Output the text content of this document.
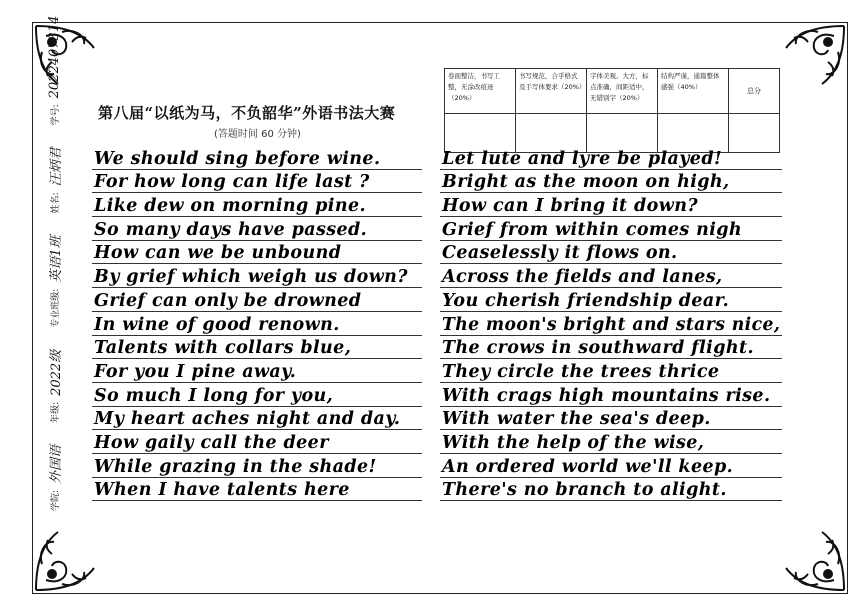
学院:
外国语
年级:
2022级
专业班级:
英语1班
姓名:
汪炳君
学号:
2022407314
第八届“以纸为马，不负韶华”外语书法大赛
(答题时间 60 分钟)
卷面整洁，书写工整，无涂改痕迹（20%）	书写规范，合乎格式及手写体要求（20%）	字体美观、大方，标点准确，间距适中，无错别字（20%）	结构严谨，通篇整体感强（40%）	总分

We should sing before wine.
For how long can life last ?
Like dew on morning pine.
So many days have passed.
How can we be unbound
By grief which weigh us down?
Grief can only be drowned
In wine of good renown.
Talents with collars blue,
For you I pine away.
So much I long for you,
My heart aches night and day.
How gaily call the deer
While grazing in the shade!
When I have talents here
Let lute and lyre be played!
Bright as the moon on high,
How can I bring it down?
Grief from within comes nigh
Ceaselessly it flows on.
Across the fields and lanes,
You cherish friendship dear.
The moon's bright and stars nice,
The crows in southward flight.
They circle the trees thrice
With crags high mountains rise.
With water the sea's deep.
With the help of the wise,
An ordered world we'll keep.
There's no branch to alight.
